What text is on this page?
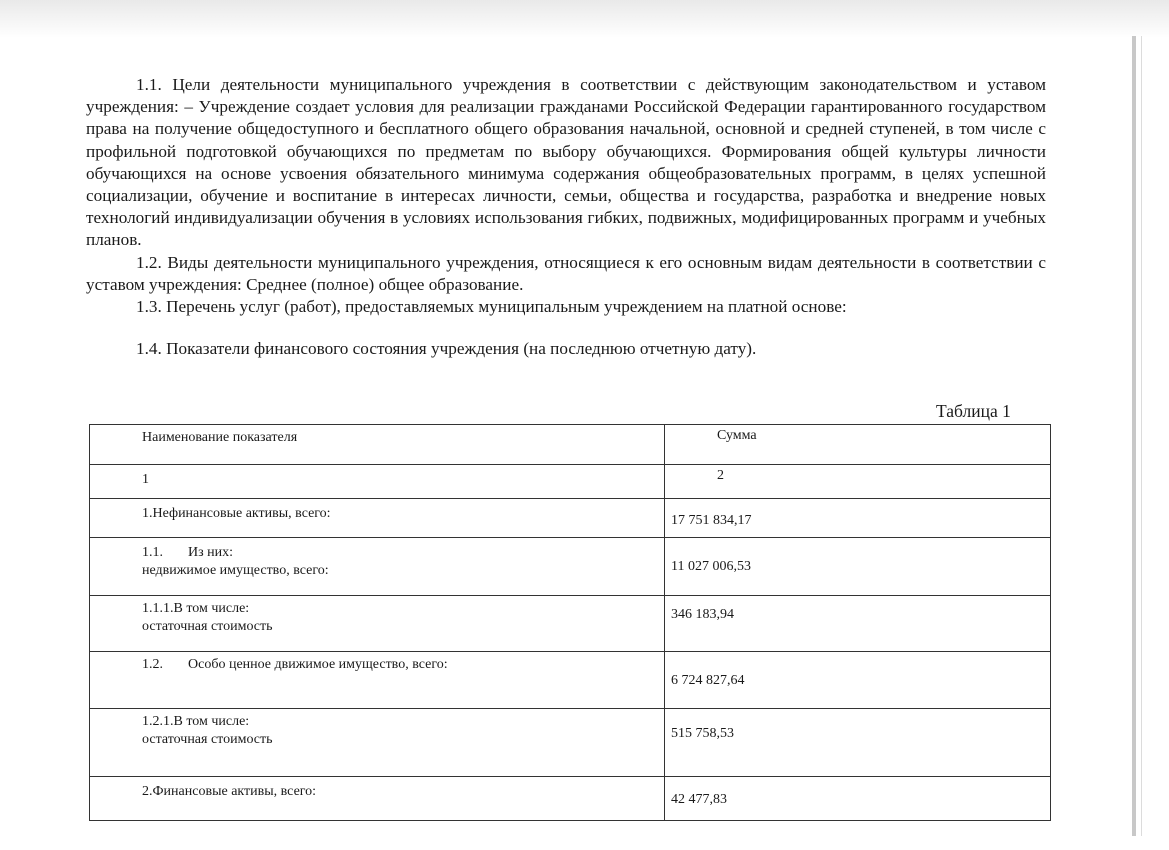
1.1. Цели деятельности муниципального учреждения в соответствии с действующим законодательством и уставом учреждения: – Учреждение создает условия для реализации гражданами Российской Федерации гарантированного государством права на получение общедоступного и бесплатного общего образования начальной, основной и средней ступеней, в том числе с профильной подготовкой обучающихся по предметам по выбору обучающихся. Формирования общей культуры личности обучающихся на основе усвоения обязательного минимума содержания общеобразовательных программ, в целях успешной социализации, обучение и воспитание в интересах личности, семьи, общества и государства, разработка и внедрение новых технологий индивидуализации обучения в условиях использования гибких, подвижных, модифицированных программ и учебных планов.

1.2. Виды деятельности муниципального учреждения, относящиеся к его основным видам деятельности в соответствии с уставом учреждения: Среднее (полное) общее образование.

1.3. Перечень услуг (работ), предоставляемых муниципальным учреждением на платной основе:

1.4. Показатели финансового состояния учреждения (на последнюю отчетную дату).

Таблица 1
Наименование показателя	Сумма
1	2

1.Нефинансовые активы, всего:	17 751 834,17

1.1. Из них:
недвижимое имущество, всего:	11 027 006,53

1.1.1.В том числе:
остаточная стоимость	346 183,94

1.2. Особо ценное движимое имущество, всего:	6 724 827,64

1.2.1.В том числе:
остаточная стоимость	515 758,53

2.Финансовые активы, всего:	42 477,83
